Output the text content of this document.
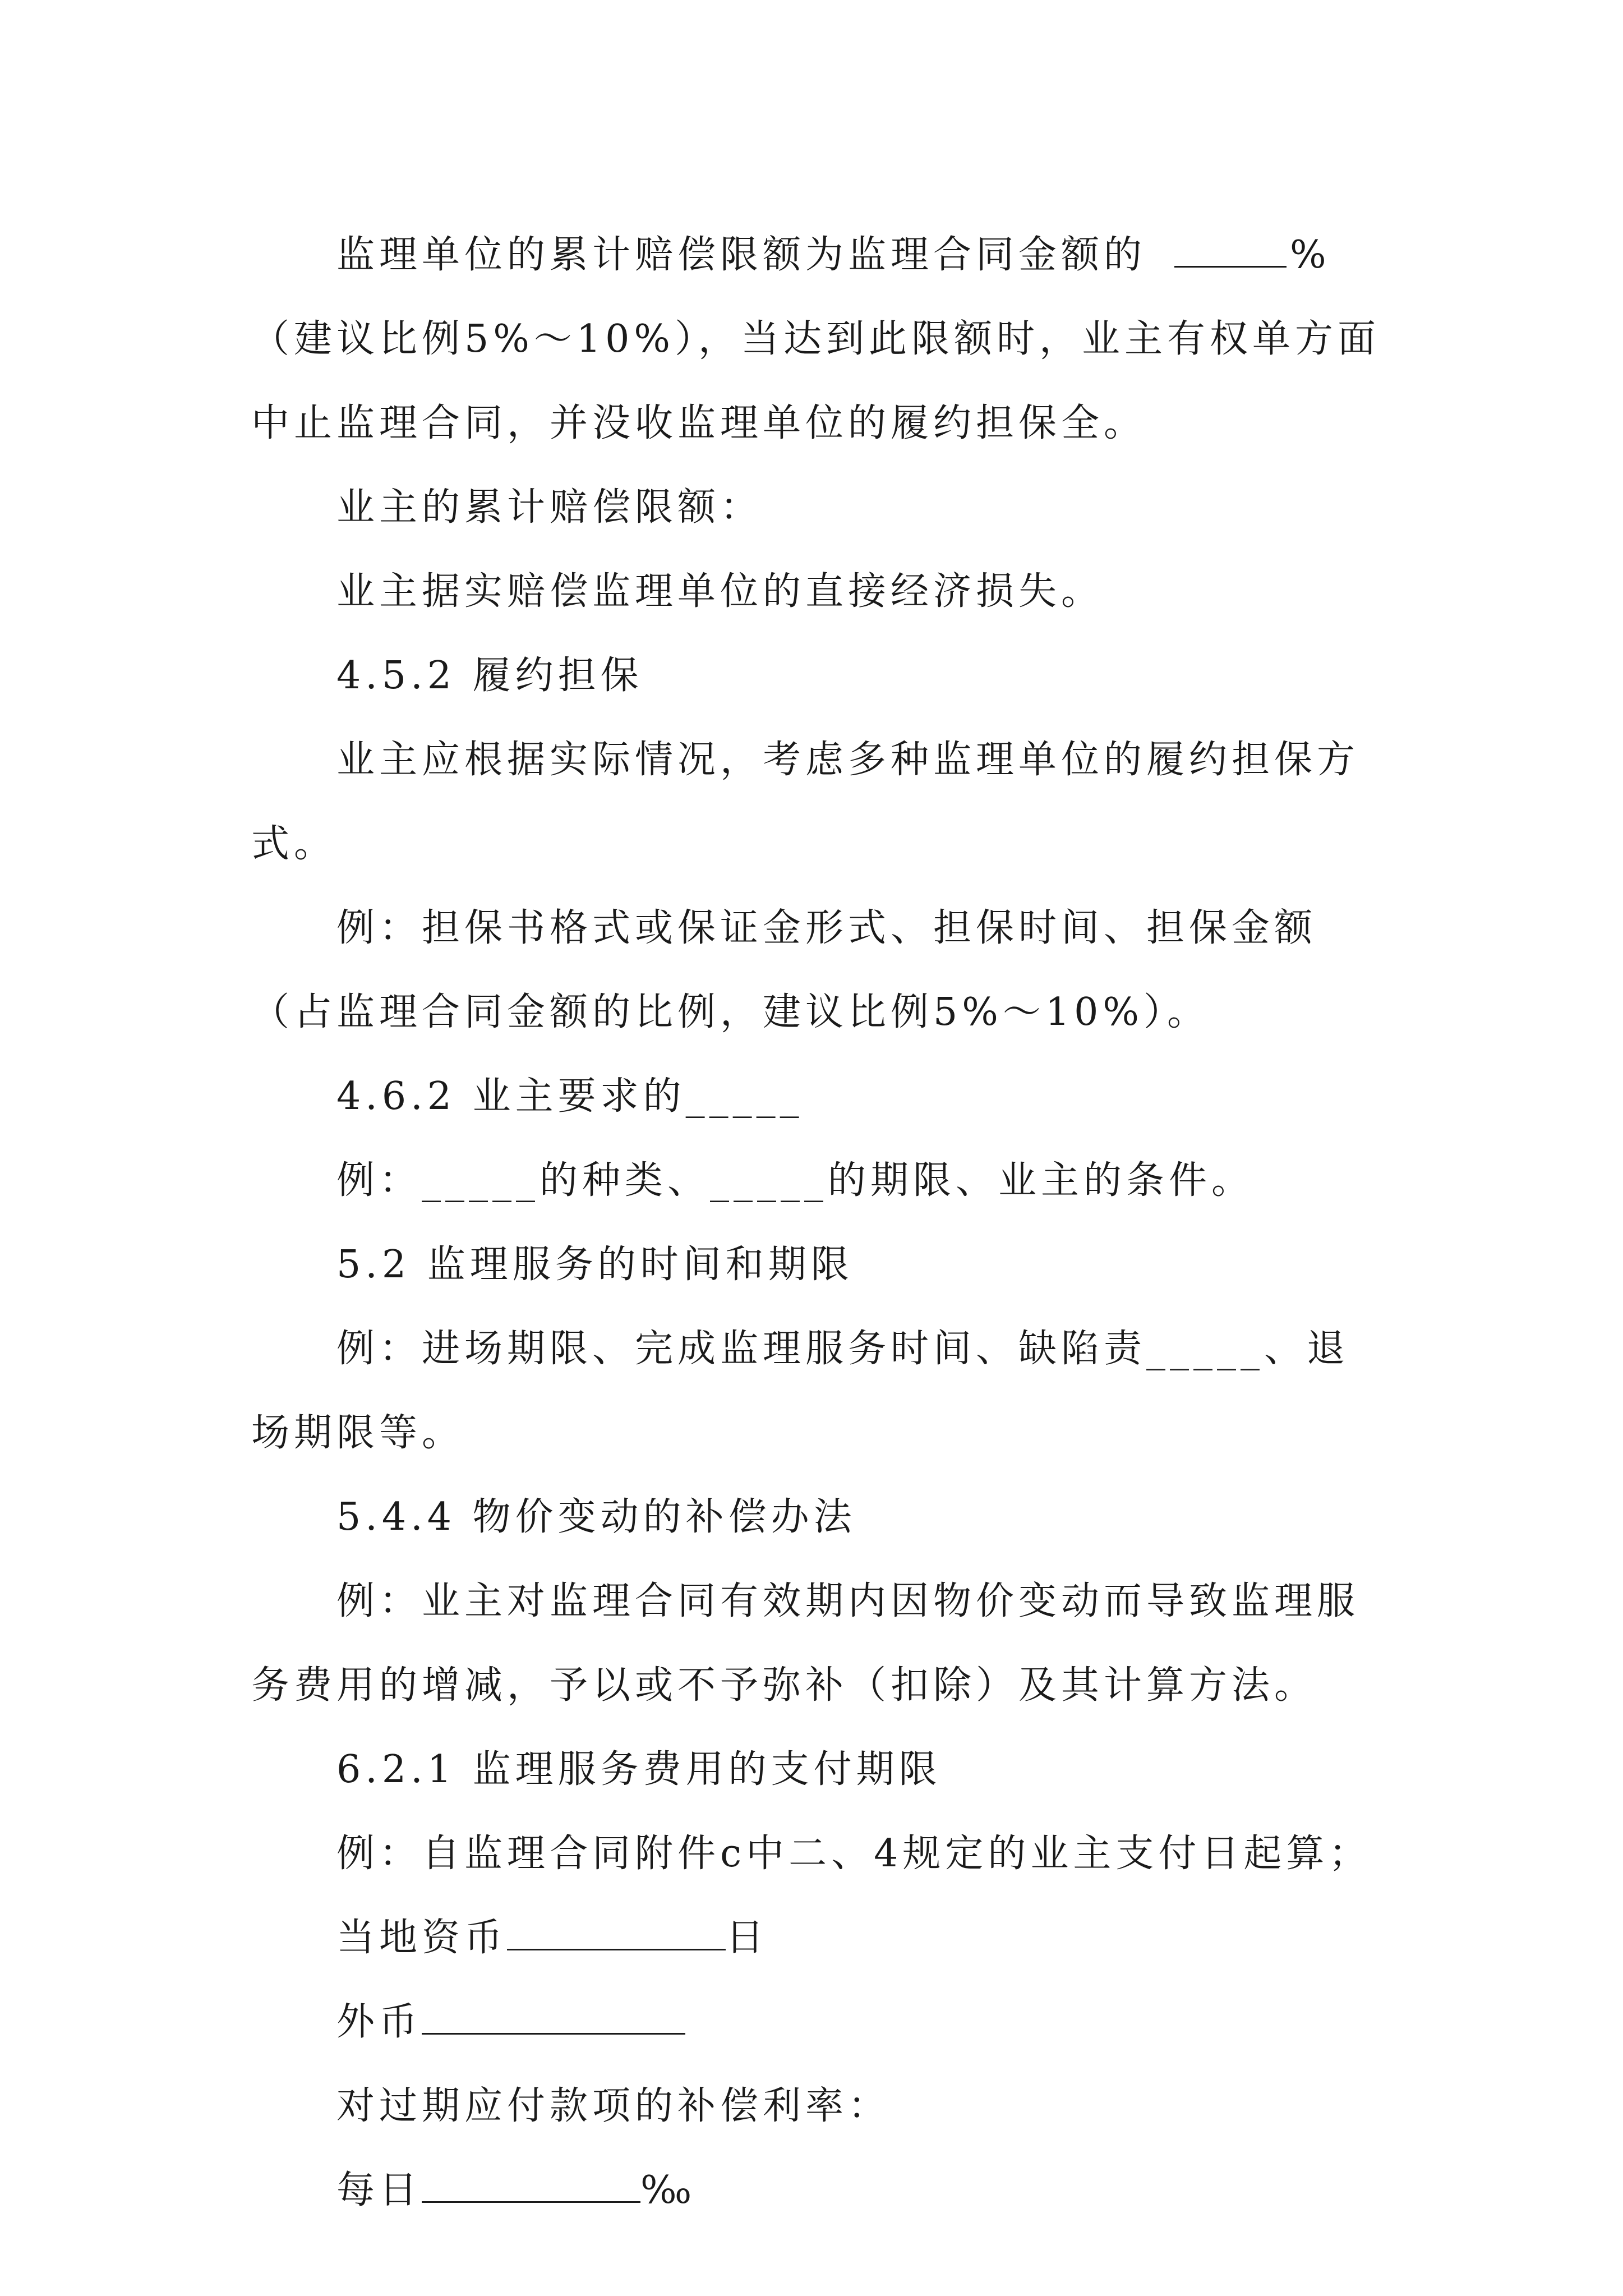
监理单位的累计赔偿限额为监理合同金额的	%
（建议比例5%～10%），当达到此限额时，业主有权单方面
中止监理合同，并没收监理单位的履约担保全。
业主的累计赔偿限额：
业主据实赔偿监理单位的直接经济损失。
4.5.2 履约担保
业主应根据实际情况，考虑多种监理单位的履约担保方
式。
例：担保书格式或保证金形式、担保时间、担保金额
（占监理合同金额的比例，建议比例5%～10%）。
4.6.2 业主要求的_____
例：_____的种类、_____的期限、业主的条件。
5.2 监理服务的时间和期限
例：进场期限、完成监理服务时间、缺陷责_____、退
场期限等。
5.4.4 物价变动的补偿办法
例：业主对监理合同有效期内因物价变动而导致监理服
务费用的增减，予以或不予弥补（扣除）及其计算方法。
6.2.1 监理服务费用的支付期限
例：自监理合同附件c中二、4规定的业主支付日起算；
当地资币	日
外币
对过期应付款项的补偿利率：
每日	‰
